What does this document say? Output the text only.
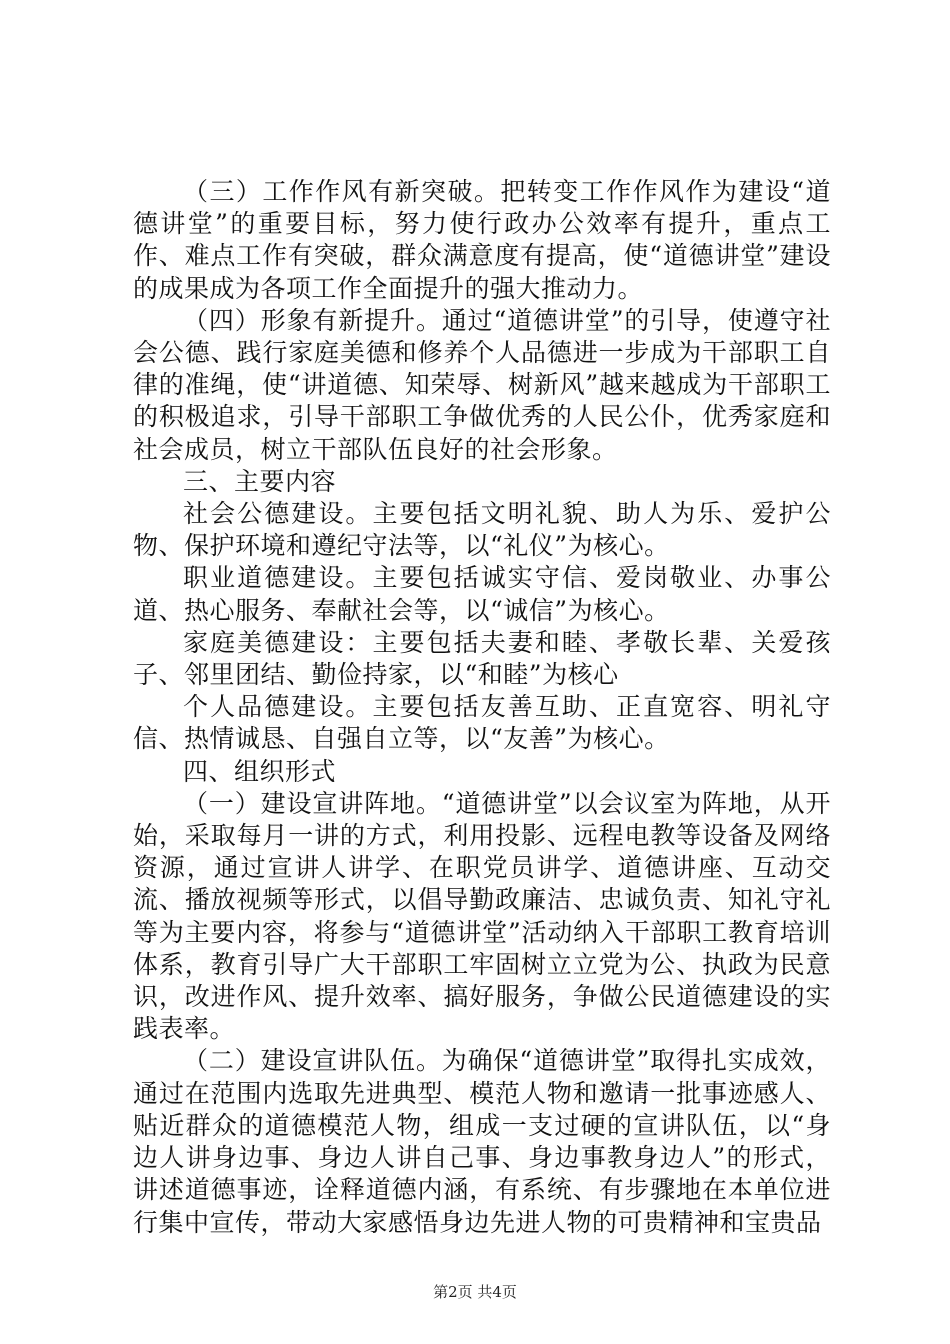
（三）工作作风有新突破。把转变工作作风作为建设“道德讲堂”的重要目标，努力使行政办公效率有提升，重点工作、难点工作有突破，群众满意度有提高，使“道德讲堂”建设的成果成为各项工作全面提升的强大推动力。

（四）形象有新提升。通过“道德讲堂”的引导，使遵守社会公德、践行家庭美德和修养个人品德进一步成为干部职工自律的准绳，使“讲道德、知荣辱、树新风”越来越成为干部职工的积极追求，引导干部职工争做优秀的人民公仆，优秀家庭和社会成员，树立干部队伍良好的社会形象。

三、主要内容

社会公德建设。主要包括文明礼貌、助人为乐、爱护公物、保护环境和遵纪守法等，以“礼仪”为核心。

职业道德建设。主要包括诚实守信、爱岗敬业、办事公道、热心服务、奉献社会等，以“诚信”为核心。

家庭美德建设：主要包括夫妻和睦、孝敬长辈、关爱孩子、邻里团结、勤俭持家，以“和睦”为核心

个人品德建设。主要包括友善互助、正直宽容、明礼守信、热情诚恳、自强自立等，以“友善”为核心。

四、组织形式

（一）建设宣讲阵地。“道德讲堂”以会议室为阵地，从开始，采取每月一讲的方式，利用投影、远程电教等设备及网络资源，通过宣讲人讲学、在职党员讲学、道德讲座、互动交流、播放视频等形式，以倡导勤政廉洁、忠诚负责、知礼守礼等为主要内容，将参与“道德讲堂”活动纳入干部职工教育培训体系，教育引导广大干部职工牢固树立立党为公、执政为民意识，改进作风、提升效率、搞好服务，争做公民道德建设的实践表率。

（二）建设宣讲队伍。为确保“道德讲堂”取得扎实成效，通过在范围内选取先进典型、模范人物和邀请一批事迹感人、贴近群众的道德模范人物，组成一支过硬的宣讲队伍，以“身边人讲身边事、身边人讲自己事、身边事教身边人”的形式，讲述道德事迹，诠释道德内涵，有系统、有步骤地在本单位进行集中宣传，带动大家感悟身边先进人物的可贵精神和宝贵品

第2页 共4页
